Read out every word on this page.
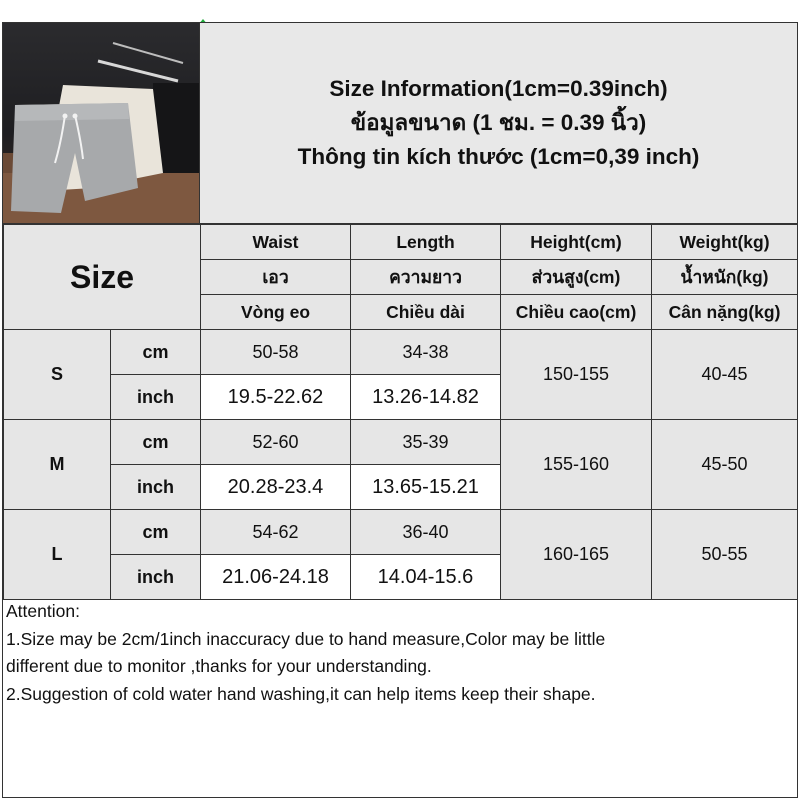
Size Information(1cm=0.39inch)
ข้อมูลขนาด (1 ชม. = 0.39 นิ้ว)
Thông tin kích thước (1cm=0,39 inch)
Size		Waist	Length	Height(cm)	Weight(kg)
		เอว	ความยาว	ส่วนสูง(cm)	น้ำหนัก(kg)
		Vòng eo	Chiều dài	Chiều cao(cm)	Cân nặng(kg)
S	cm	50-58	34-38	150-155	40-45
	inch	19.5-22.62	13.26-14.82		
M	cm	52-60	35-39	155-160	45-50
	inch	20.28-23.4	13.65-15.21		
L	cm	54-62	36-40	160-165	50-55
	inch	21.06-24.18	14.04-15.6		

Attention:

1.Size may be 2cm/1inch inaccuracy due to hand measure,Color may be little

different due to monitor ,thanks for your understanding.

2.Suggestion of cold water hand washing,it can help items keep their shape.
